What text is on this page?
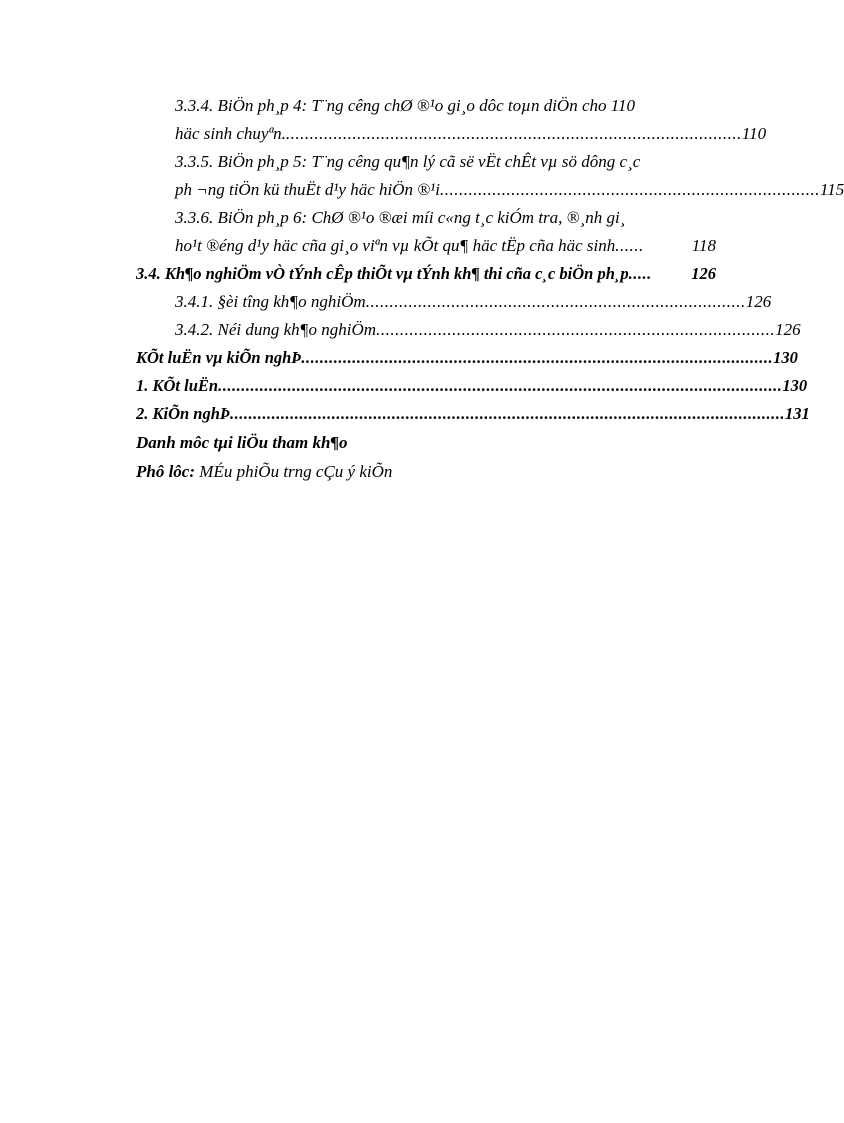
3.3.4. BiÖn ph¸p 4: T¨ng cêng chØ ®¹o gi¸o dôc toµn diÖn cho 110
häc sinh chuyªn. ................................................................................................ 110
3.3.5. BiÖn ph¸p 5: T¨ng cêng qu¶n lý cã së vËt chÊt vµ sö dông c¸c
ph ¬ng tiÖn kü thuËt d¹y häc hiÖn ®¹i ................................................................................ 115
3.3.6. BiÖn ph¸p 6: ChØ ®¹o ®æi míi c«ng t¸c kiÓm tra, ®¸nh gi¸
ho¹t ®éng d¹y häc cña gi¸o viªn vµ kÕt qu¶ häc tËp cña häc sinh ......	118
3.4. Kh¶o nghiÖm vÒ tÝnh cÊp thiÕt vµ tÝnh kh¶ thi cña c¸c biÖn ph¸p .....	126
3.4.1. §èi tîng kh¶o nghiÖm ................................................................................ 126
3.4.2. Néi dung kh¶o nghiÖm .................................................................................... 126
KÕt luËn vµ kiÕn nghÞ ...................................................................................................... 130
1. KÕt luËn .......................................................................................................................... 130
2. KiÕn nghÞ ........................................................................................................................ 131
Danh môc tµi liÖu tham kh¶o
Phô lôc: MÉu phiÕu trng cÇu ý kiÕn
